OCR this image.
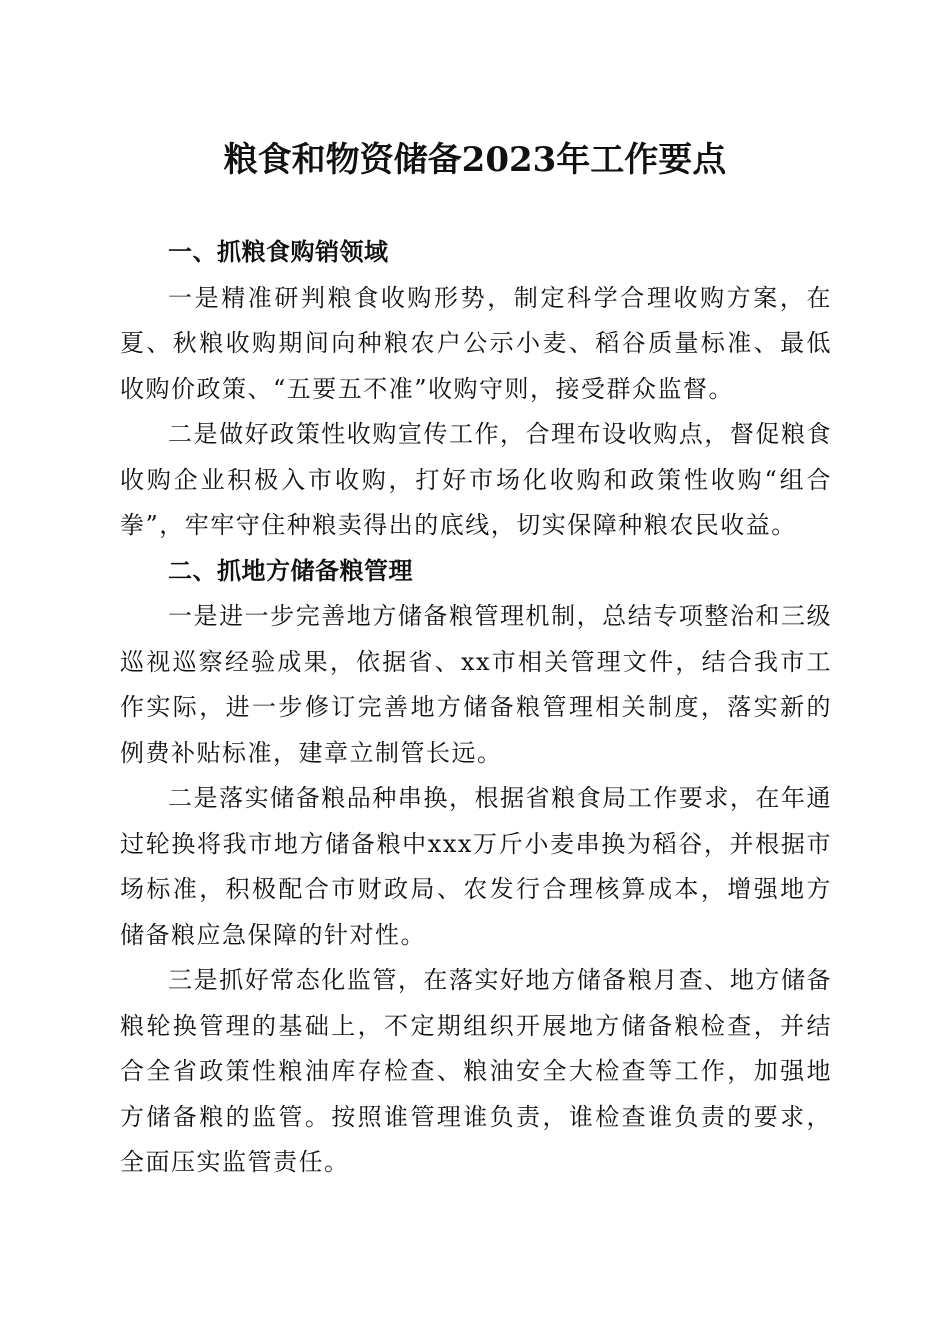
粮食和物资储备2023年工作要点

一、抓粮食购销领域

一是精准研判粮食收购形势，制定科学合理收购方案，在夏、秋粮收购期间向种粮农户公示小麦、稻谷质量标准、最低收购价政策、“五要五不准”收购守则，接受群众监督。

二是做好政策性收购宣传工作，合理布设收购点，督促粮食收购企业积极入市收购，打好市场化收购和政策性收购“组合拳”，牢牢守住种粮卖得出的底线，切实保障种粮农民收益。

二、抓地方储备粮管理

一是进一步完善地方储备粮管理机制，总结专项整治和三级巡视巡察经验成果，依据省、xx市相关管理文件，结合我市工作实际，进一步修订完善地方储备粮管理相关制度，落实新的例费补贴标准，建章立制管长远。

二是落实储备粮品种串换，根据省粮食局工作要求，在年通过轮换将我市地方储备粮中xxx万斤小麦串换为稻谷，并根据市场标准，积极配合市财政局、农发行合理核算成本，增强地方储备粮应急保障的针对性。

三是抓好常态化监管，在落实好地方储备粮月查、地方储备粮轮换管理的基础上，不定期组织开展地方储备粮检查，并结合全省政策性粮油库存检查、粮油安全大检查等工作，加强地方储备粮的监管。按照谁管理谁负责，谁检查谁负责的要求，全面压实监管责任。
